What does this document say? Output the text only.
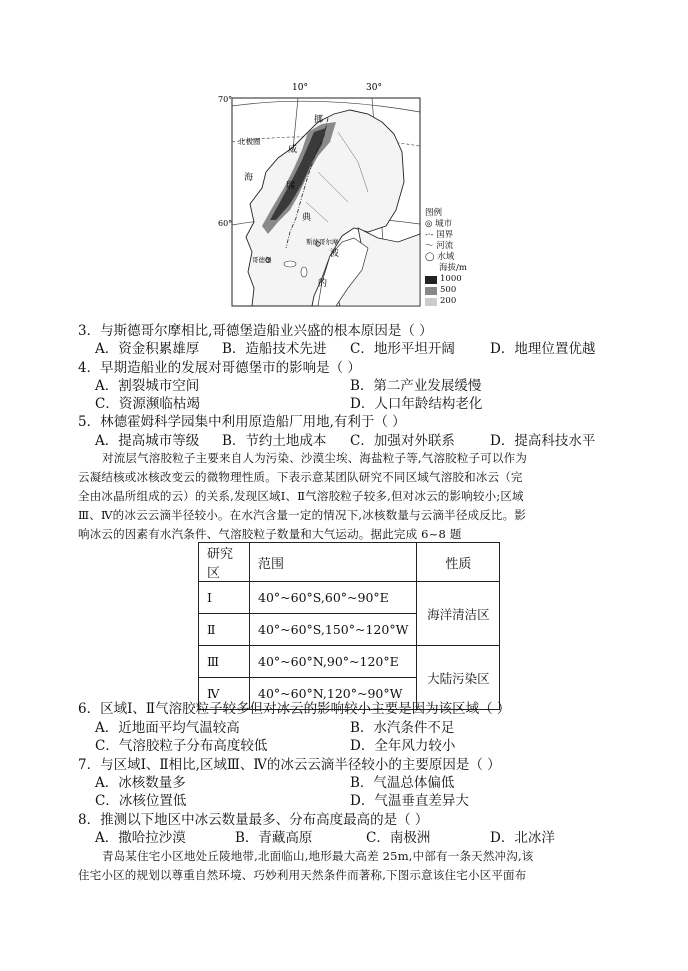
10°	30°
70°
60°
挪
北极圈
威
海
瑞
典
斯德哥尔摩
波
的
哥德堡
图例
◎ 城市
-·- 国界
〜 河流
◯ 水域
海拔/m
1000
500
200
3．与斯德哥尔摩相比,哥德堡造船业兴盛的根本原因是（ ）
A．资金积累雄厚 B．造船技术先进 C．地形平坦开阔	D．地理位置优越
4．早期造船业的发展对哥德堡市的影响是（ ）
A．割裂城市空间	B．第二产业发展缓慢
C．资源濒临枯竭	D．人口年龄结构老化
5．林德霍姆科学园集中利用原造船厂用地,有利于（ ）
A．提高城市等级 B．节约土地成本 C．加强对外联系	D．提高科技水平
对流层气溶胶粒子主要来自人为污染、沙漠尘埃、海盐粒子等,气溶胶粒子可以作为
云凝结核或冰核改变云的微物理性质。下表示意某团队研究不同区域气溶胶和冰云（完
全由冰晶所组成的云）的关系,发现区域Ⅰ、Ⅱ气溶胶粒子较多,但对冰云的影响较小;区域
Ⅲ、Ⅳ的冰云云滴半径较小。在水汽含量一定的情况下,冰核数量与云滴半径成反比。影
响冰云的因素有水汽条件、气溶胶粒子数量和大气运动。据此完成 6~8 题
研究区	范围	性质
Ⅰ	40°~60°S,60°~90°E	海洋清洁区
Ⅱ	40°~60°S,150°~120°W	
Ⅲ	40°~60°N,90°~120°E	大陆污染区
Ⅳ	40°~60°N,120°~90°W	
6．区域Ⅰ、Ⅱ气溶胶粒子较多但对冰云的影响较小主要是因为该区域（ ）
A．近地面平均气温较高	B．水汽条件不足
C．气溶胶粒子分布高度较低	D．全年风力较小
7．与区域Ⅰ、Ⅱ相比,区域Ⅲ、Ⅳ的冰云云滴半径较小的主要原因是（ ）
A．冰核数量多	B．气温总体偏低
C．冰核位置低	D．气温垂直差异大
8．推测以下地区中冰云数量最多、分布高度最高的是（ ）
A．撒哈拉沙漠	B．青藏高原	C．南极洲	D．北冰洋
青岛某住宅小区地处丘陵地带,北面临山,地形最大高差 25m,中部有一条天然冲沟,该
住宅小区的规划以尊重自然环境、巧妙利用天然条件而著称,下图示意该住宅小区平面布
